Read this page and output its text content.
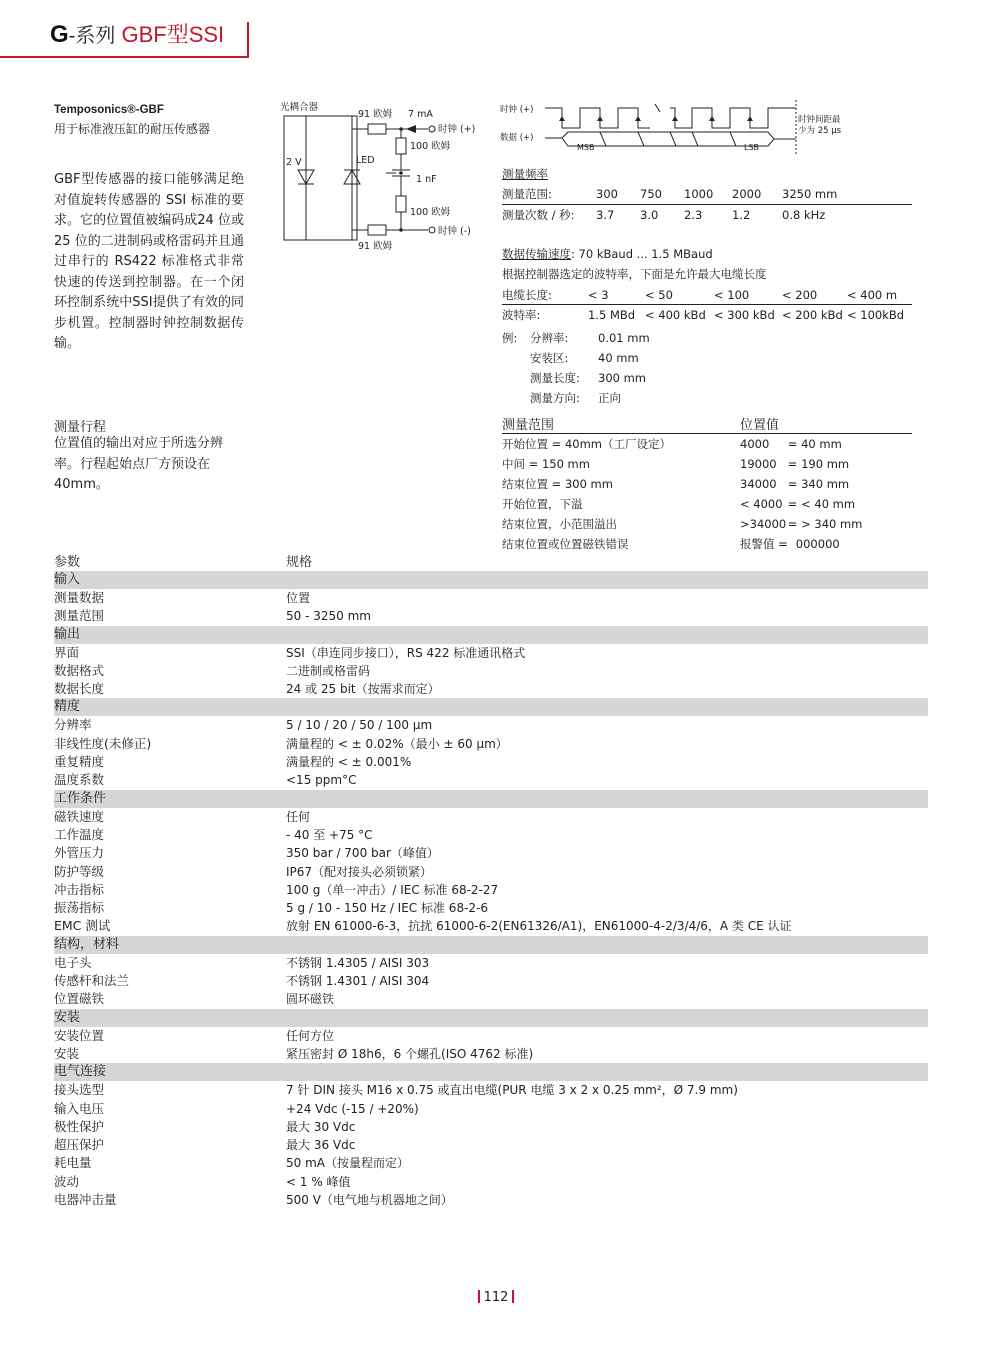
G-系列 GBF型SSI
Temposonics®-GBF
用于标准液压缸的耐压传感器
GBF型传感器的接口能够满足绝对值旋转传感器的 SSI 标准的要求。它的位置值被编码成24 位或 25 位的二进制码或格雷码并且通过串行的 RS422 标准格式非常快速的传送到控制器。在一个闭环控制系统中SSI提供了有效的同步机置。控制器时钟控制数据传输。
测量行程
位置值的输出对应于所选分辨率。行程起始点厂方预设在40mm。
光耦合器
91 欧姆 7 mA
时钟 (+)
100 欧姆
2 V	LED
1 nF
100 欧姆
时钟 (-)
91 欧姆
时钟 (+)
数据 (+)
时钟间距最
少为 25 µs
MSB	LSB
测量频率
测量范围:	300	750	1000	2000	3250 mm
测量次数 / 秒:	3.7	3.0	2.3	1.2	0.8 kHz
数据传输速度: 70 kBaud ... 1.5 MBaud
根据控制器选定的波特率，下面是允许最大电缆长度
电缆长度:	< 3	< 50	< 100	< 200	< 400 m
波特率:	1.5 MBd	< 400 kBd	< 300 kBd	< 200 kBd	< 100kBd
例:	分辨率:	0.01 mm
	安装区:	40 mm
	测量长度:	300 mm
	测量方向:	正向
测量范围	位置值	
开始位置 = 40mm（工厂设定）	4000	= 40 mm
中间 = 150 mm	19000	= 190 mm
结束位置 = 300 mm	34000	= 340 mm
开始位置，下溢	< 4000	= < 40 mm
结束位置，小范围溢出	>34000	= > 340 mm
结束位置或位置磁铁错误	报警值 =	000000
参数	规格
输入
测量数据	位置
测量范围	50 - 3250 mm
输出
界面	SSI（串连同步接口），RS 422 标准通讯格式
数据格式	二进制或格雷码
数据长度	24 或 25 bit（按需求而定）
精度
分辨率	5 / 10 / 20 / 50 / 100 µm
非线性度(未修正)	满量程的 < ± 0.02%（最小 ± 60 µm）
重复精度	满量程的 < ± 0.001%
温度系数	<15 ppm°C
工作条件
磁铁速度	任何
工作温度	- 40 至 +75 °C
外管压力	350 bar / 700 bar（峰值）
防护等级	IP67（配对接头必须锁紧）
冲击指标	100 g（单一冲击）/ IEC 标准 68-2-27
振荡指标	5 g / 10 - 150 Hz / IEC 标准 68-2-6
EMC 测试	放射 EN 61000-6-3，抗扰 61000-6-2(EN61326/A1)，EN61000-4-2/3/4/6，A 类 CE 认证
结构，材料
电子头	不锈钢 1.4305 / AISI 303
传感杆和法兰	不锈钢 1.4301 / AISI 304
位置磁铁	圆环磁铁
安装
安装位置	任何方位
安装	紧压密封 Ø 18h6，6 个螺孔(ISO 4762 标准)
电气连接
接头选型	7 针 DIN 接头 M16 x 0.75 或直出电缆(PUR 电缆 3 x 2 x 0.25 mm²，Ø 7.9 mm)
输入电压	+24 Vdc (-15 / +20%)
极性保护	最大 30 Vdc
超压保护	最大 36 Vdc
耗电量	50 mA（按量程而定）
波动	< 1 % 峰值
电器冲击量	500 V（电气地与机器地之间）
112
